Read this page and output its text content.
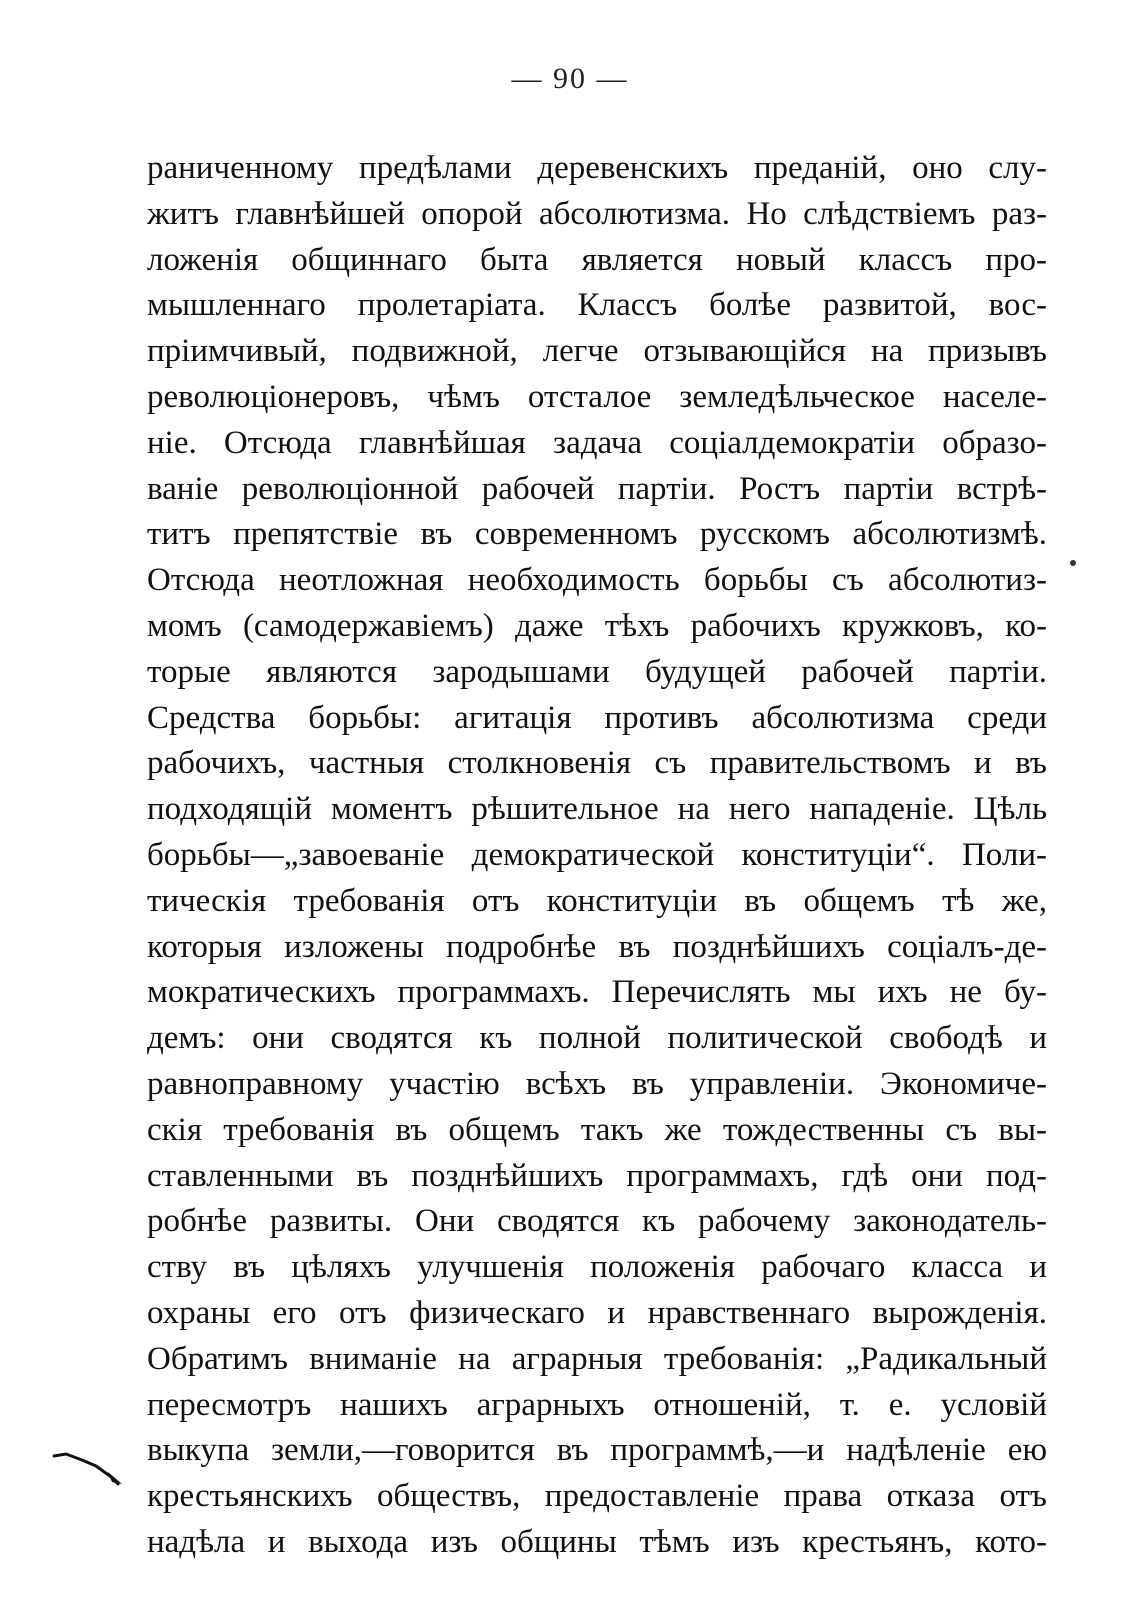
— 90 —
раниченному предѣлами деревенскихъ преданій, оно слу-
житъ главнѣйшей опорой абсолютизма. Но слѣдствіемъ раз-
ложенія общиннаго быта является новый классъ про-
мышленнаго пролетаріата. Классъ болѣе развитой, вос-
пріимчивый, подвижной, легче отзывающійся на призывъ
революціонеровъ, чѣмъ отсталое земледѣльческое населе-
ніе. Отсюда главнѣйшая задача соціалдемократіи образо-
ваніе революціонной рабочей партіи. Ростъ партіи встрѣ-
титъ препятствіе въ современномъ русскомъ абсолютизмѣ.
Отсюда неотложная необходимость борьбы съ абсолютиз-
момъ (самодержавіемъ) даже тѣхъ рабочихъ кружковъ, ко-
торые являются зародышами будущей рабочей партіи.
Средства борьбы: агитація противъ абсолютизма среди
рабочихъ, частныя столкновенія съ правительствомъ и въ
подходящій моментъ рѣшительное на него нападеніе. Цѣль
борьбы—„завоеваніе демократической конституціи“. Поли-
тическія требованія отъ конституціи въ общемъ тѣ же,
которыя изложены подробнѣе въ позднѣйшихъ соціалъ-де-
мократическихъ программахъ. Перечислять мы ихъ не бу-
демъ: они сводятся къ полной политической свободѣ и
равноправному участію всѣхъ въ управленіи. Экономиче-
скія требованія въ общемъ такъ же тождественны съ вы-
ставленными въ позднѣйшихъ программахъ, гдѣ они под-
робнѣе развиты. Они сводятся къ рабочему законодатель-
ству въ цѣляхъ улучшенія положенія рабочаго класса и
охраны его отъ физическаго и нравственнаго вырожденія.
Обратимъ вниманіе на аграрныя требованія: „Радикальный
пересмотръ нашихъ аграрныхъ отношеній, т. е. условій
выкупа земли,—говорится въ программѣ,—и надѣленіе ею
крестьянскихъ обществъ, предоставленіе права отказа отъ
надѣла и выхода изъ общины тѣмъ изъ крестьянъ, кото-
